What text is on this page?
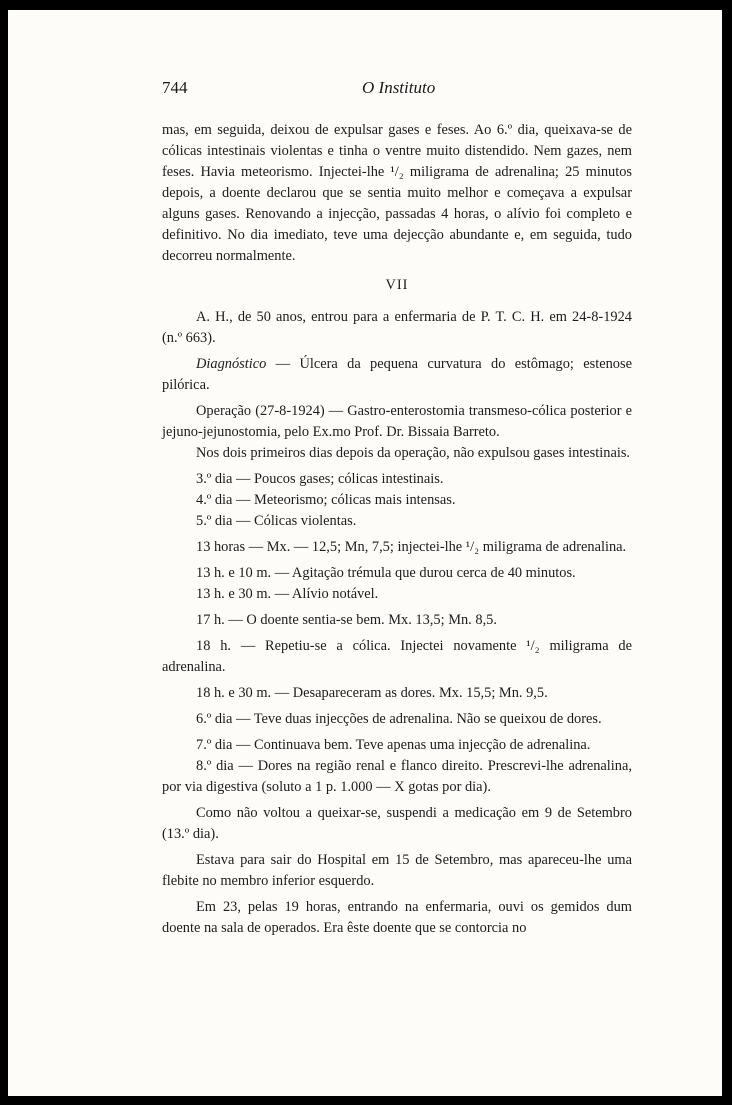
744	O Instituto

mas, em seguida, deixou de expulsar gases e feses. Ao 6.º dia, queixava-se de cólicas intestinais violentas e tinha o ventre muito distendido. Nem gazes, nem feses. Havia meteorismo. Injectei-lhe ¹/₂ miligrama de adrenalina; 25 minutos depois, a doente declarou que se sentia muito melhor e começava a expulsar alguns gases. Renovando a injecção, passadas 4 horas, o alívio foi completo e definitivo. No dia imediato, teve uma dejecção abundante e, em seguida, tudo decorreu normalmente.

VII

A. H., de 50 anos, entrou para a enfermaria de P. T. C. H. em 24-8-1924 (n.º 663).

Diagnóstico — Úlcera da pequena curvatura do estômago; estenose pilórica.

Operação (27-8-1924) — Gastro-enterostomia transmeso-cólica posterior e jejuno-jejunostomia, pelo Ex.mo Prof. Dr. Bissaia Barreto.

Nos dois primeiros dias depois da operação, não expulsou gases intestinais.

3.º dia — Poucos gases; cólicas intestinais.

4.º dia — Meteorismo; cólicas mais intensas.

5.º dia — Cólicas violentas.

13 horas — Mx. — 12,5; Mn, 7,5; injectei-lhe ¹/₂ miligrama de adrenalina.

13 h. e 10 m. — Agitação trémula que durou cerca de 40 minutos.

13 h. e 30 m. — Alívio notável.

17 h. — O doente sentia-se bem. Mx. 13,5; Mn. 8,5.

18 h. — Repetiu-se a cólica. Injectei novamente ¹/₂ miligrama de adrenalina.

18 h. e 30 m. — Desapareceram as dores. Mx. 15,5; Mn. 9,5.

6.º dia — Teve duas injecções de adrenalina. Não se queixou de dores.

7.º dia — Continuava bem. Teve apenas uma injecção de adrenalina.

8.º dia — Dores na região renal e flanco direito. Prescrevi-lhe adrenalina, por via digestiva (soluto a 1 p. 1.000 — X gotas por dia).

Como não voltou a queixar-se, suspendi a medicação em 9 de Setembro (13.º dia).

Estava para sair do Hospital em 15 de Setembro, mas apareceu-lhe uma flebite no membro inferior esquerdo.

Em 23, pelas 19 horas, entrando na enfermaria, ouvi os gemidos dum doente na sala de operados. Era êste doente que se contorcia no
